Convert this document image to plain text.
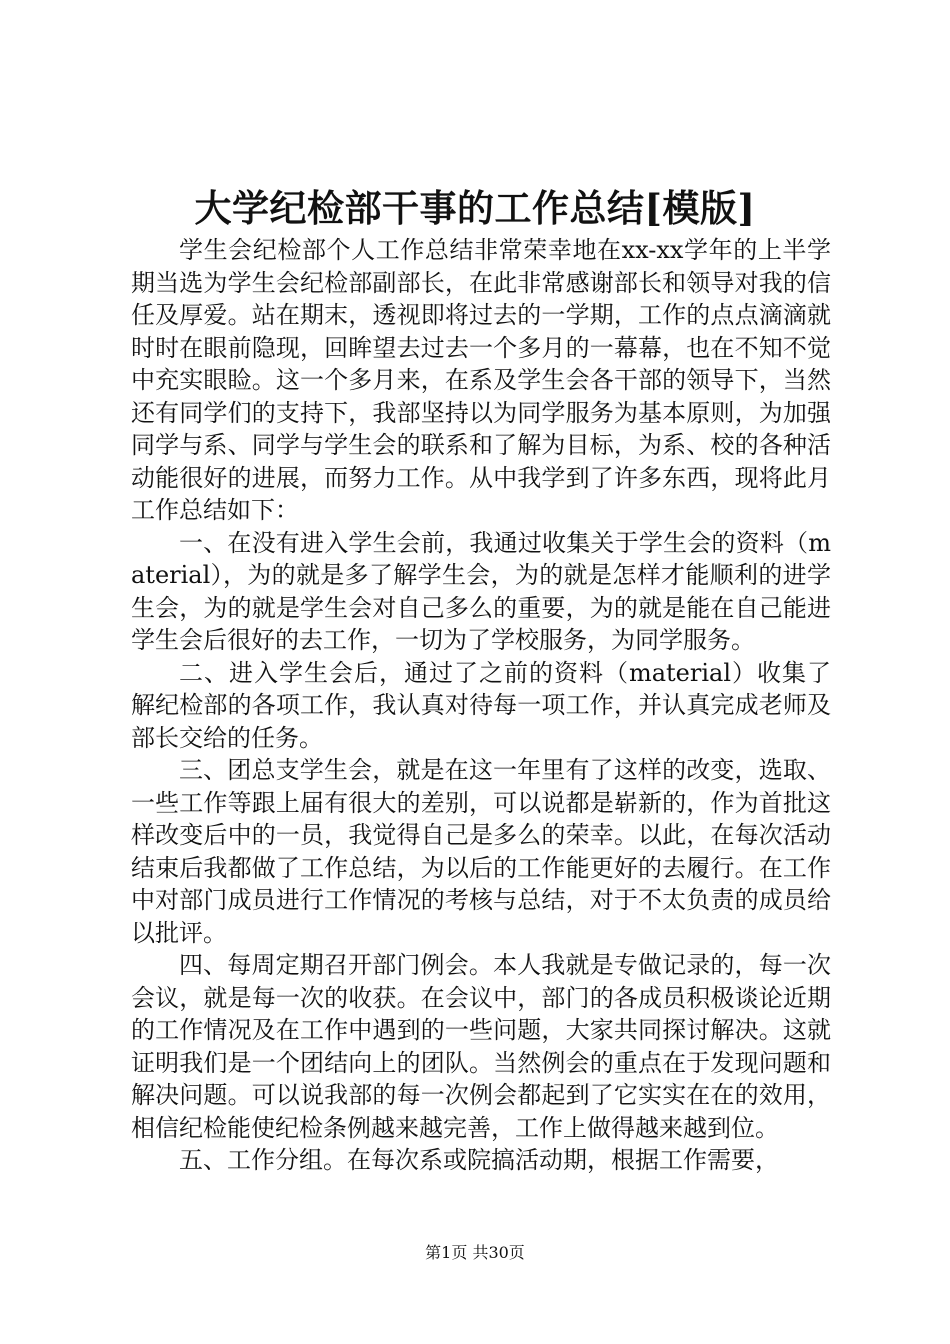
大学纪检部干事的工作总结[模版]

学生会纪检部个人工作总结非常荣幸地在xx-xx学年的上半学期当选为学生会纪检部副部长，在此非常感谢部长和领导对我的信任及厚爱。站在期末，透视即将过去的一学期，工作的点点滴滴就时时在眼前隐现，回眸望去过去一个多月的一幕幕，也在不知不觉中充实眼睑。这一个多月来，在系及学生会各干部的领导下，当然还有同学们的支持下，我部坚持以为同学服务为基本原则，为加强同学与系、同学与学生会的联系和了解为目标，为系、校的各种活动能很好的进展，而努力工作。从中我学到了许多东西，现将此月工作总结如下：

一、在没有进入学生会前，我通过收集关于学生会的资料（material），为的就是多了解学生会，为的就是怎样才能顺利的进学生会，为的就是学生会对自己多么的重要，为的就是能在自己能进学生会后很好的去工作，一切为了学校服务，为同学服务。

二、进入学生会后，通过了之前的资料（material）收集了解纪检部的各项工作，我认真对待每一项工作，并认真完成老师及部长交给的任务。

三、团总支学生会，就是在这一年里有了这样的改变，选取、一些工作等跟上届有很大的差别，可以说都是崭新的，作为首批这样改变后中的一员，我觉得自己是多么的荣幸。以此，在每次活动结束后我都做了工作总结，为以后的工作能更好的去履行。在工作中对部门成员进行工作情况的考核与总结，对于不太负责的成员给以批评。

四、每周定期召开部门例会。本人我就是专做记录的，每一次会议，就是每一次的收获。在会议中，部门的各成员积极谈论近期的工作情况及在工作中遇到的一些问题，大家共同探讨解决。这就证明我们是一个团结向上的团队。当然例会的重点在于发现问题和解决问题。可以说我部的每一次例会都起到了它实实在在的效用，相信纪检能使纪检条例越来越完善，工作上做得越来越到位。

五、工作分组。在每次系或院搞活动期，根据工作需要，

第1页 共30页
